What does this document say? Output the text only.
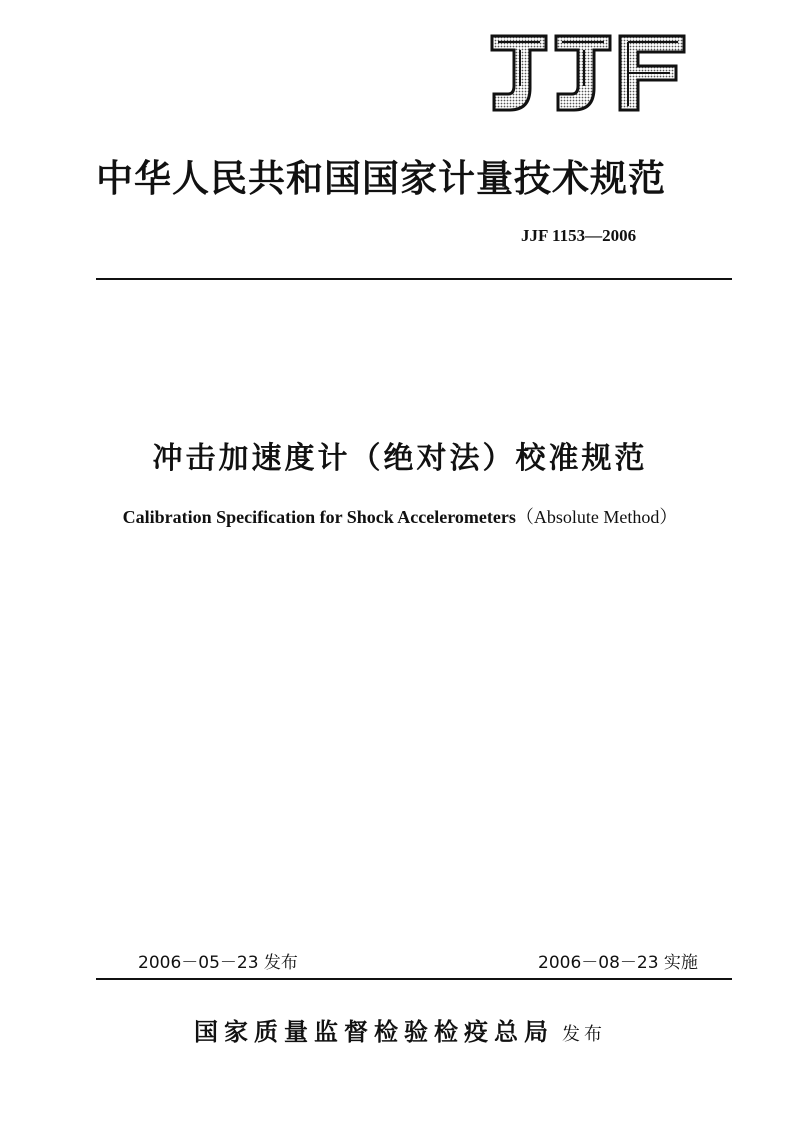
中华人民共和国国家计量技术规范
JJF 1153—2006
冲击加速度计（绝对法）校准规范
Calibration Specification for Shock Accelerometers（Absolute Method）
2006－05－23 发布	2006－08－23 实施
国家质量监督检验检疫总局 发布
